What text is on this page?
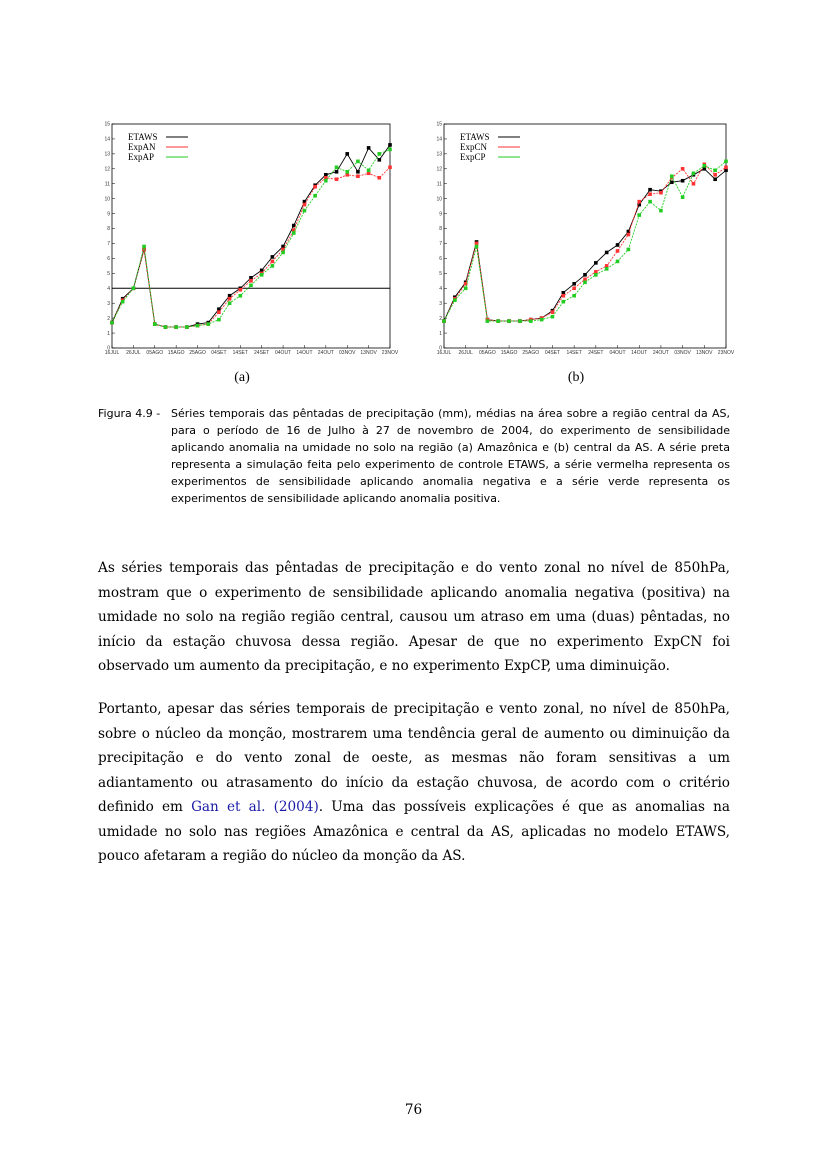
0
1
2
3
4
5
6
7
8
9
10
11
12
13
14
15
16JUL 26JUL 05AGO 15AGO 25AGO 04SET 14SET 24SET 04OUT 14OUT 24OUT 03NOV 13NOV 23NOV
ETAWS
ExpAN
ExpAP
0
1
2
3
4
5
6
7
8
9
10
11
12
13
14
15
16JUL 26JUL 05AGO 15AGO 25AGO 04SET 14SET 24SET 04OUT 14OUT 24OUT 03NOV 13NOV 23NOV
ETAWS
ExpCN
ExpCP
(a)	(b)
Figura 4.9 - Séries temporais das pêntadas de precipitação (mm), médias na área sobre a região central da AS, para o período de 16 de Julho à 27 de novembro de 2004, do experimento de sensibilidade aplicando anomalia na umidade no solo na região (a) Amazônica e (b) central da AS. A série preta representa a simulação feita pelo experimento de controle ETAWS, a série vermelha representa os experimentos de sensibilidade aplicando anomalia negativa e a série verde representa os experimentos de sensibilidade aplicando anomalia positiva.

As séries temporais das pêntadas de precipitação e do vento zonal no nível de 850hPa, mostram que o experimento de sensibilidade aplicando anomalia negativa (positiva) na umidade no solo na região região central, causou um atraso em uma (duas) pêntadas, no início da estação chuvosa dessa região. Apesar de que no experimento ExpCN foi observado um aumento da precipitação, e no experimento ExpCP, uma diminuição.

Portanto, apesar das séries temporais de precipitação e vento zonal, no nível de 850hPa, sobre o núcleo da monção, mostrarem uma tendência geral de aumento ou diminuição da precipitação e do vento zonal de oeste, as mesmas não foram sensitivas a um adiantamento ou atrasamento do início da estação chuvosa, de acordo com o critério definido em Gan et al. (2004). Uma das possíveis explicações é que as anomalias na umidade no solo nas regiões Amazônica e central da AS, aplicadas no modelo ETAWS, pouco afetaram a região do núcleo da monção da AS.

76
